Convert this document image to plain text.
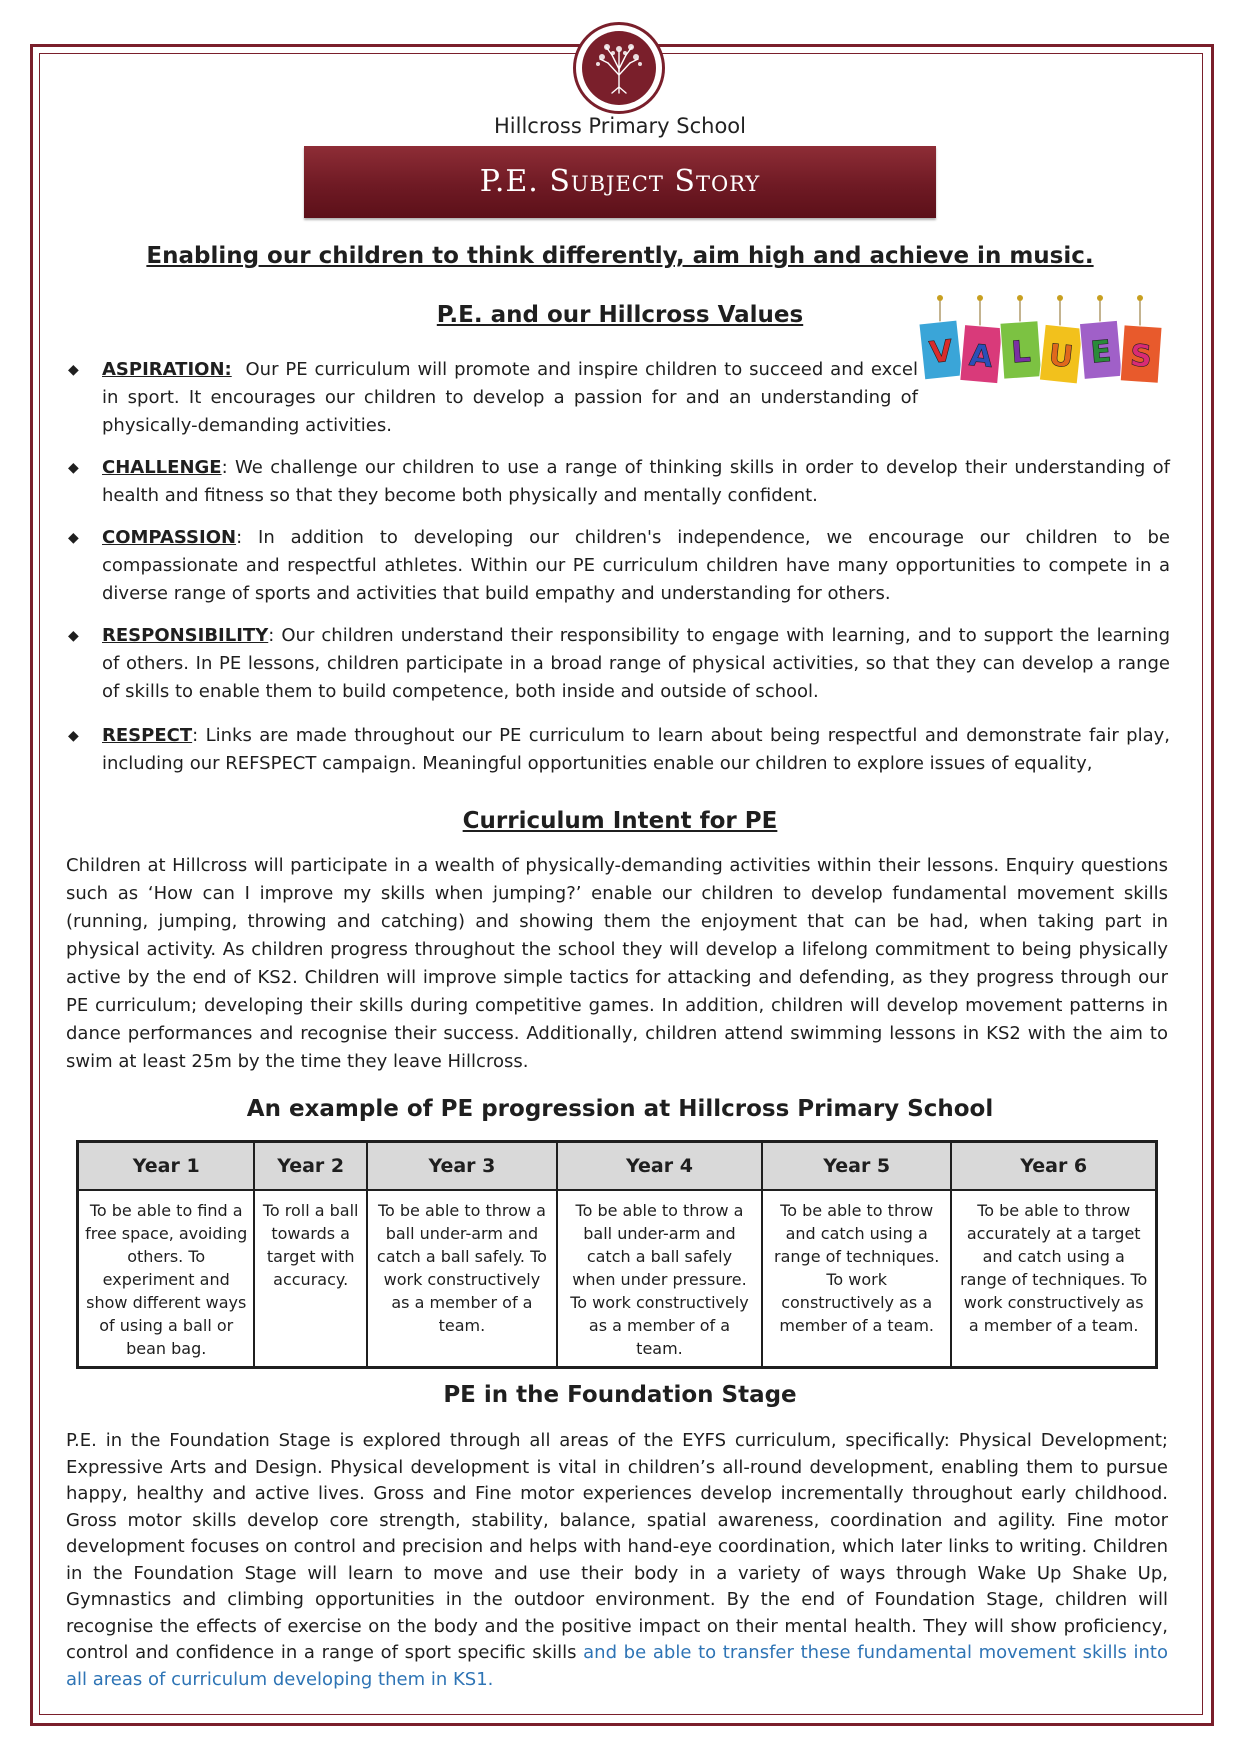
Hillcross Primary School
P.E. Subject Story
Enabling our children to think differently, aim high and achieve in music.
P.E. and our Hillcross Values
V A L U E S
◆ ASPIRATION: Our PE curriculum will promote and inspire children to succeed and excel in sport. It encourages our children to develop a passion for and an understanding of physically-demanding activities.
◆ CHALLENGE: We challenge our children to use a range of thinking skills in order to develop their understanding of health and fitness so that they become both physically and mentally confident.
◆ COMPASSION: In addition to developing our children's independence, we encourage our children to be compassionate and respectful athletes. Within our PE curriculum children have many opportunities to compete in a diverse range of sports and activities that build empathy and understanding for others.
◆ RESPONSIBILITY: Our children understand their responsibility to engage with learning, and to support the learning of others. In PE lessons, children participate in a broad range of physical activities, so that they can develop a range of skills to enable them to build competence, both inside and outside of school.
◆ RESPECT: Links are made throughout our PE curriculum to learn about being respectful and demonstrate fair play, including our REFSPECT campaign. Meaningful opportunities enable our children to explore issues of equality,
Curriculum Intent for PE
Children at Hillcross will participate in a wealth of physically-demanding activities within their lessons. Enquiry questions such as ‘How can I improve my skills when jumping?’ enable our children to develop fundamental movement skills (running, jumping, throwing and catching) and showing them the enjoyment that can be had, when taking part in physical activity. As children progress throughout the school they will develop a lifelong commitment to being physically active by the end of KS2. Children will improve simple tactics for attacking and defending, as they progress through our PE curriculum; developing their skills during competitive games. In addition, children will develop movement patterns in dance performances and recognise their success. Additionally, children attend swimming lessons in KS2 with the aim to swim at least 25m by the time they leave Hillcross.
An example of PE progression at Hillcross Primary School
Year 1	Year 2	Year 3	Year 4	Year 5	Year 6
To be able to find a free space, avoiding others. To experiment and show different ways of using a ball or bean bag.	To roll a ball towards a target with accuracy.	To be able to throw a ball under-arm and catch a ball safely. To work constructively as a member of a team.	To be able to throw a ball under-arm and catch a ball safely when under pressure. To work constructively as a member of a team.	To be able to throw and catch using a range of techniques. To work constructively as a member of a team.	To be able to throw accurately at a target and catch using a range of techniques. To work constructively as a member of a team.
PE in the Foundation Stage
P.E. in the Foundation Stage is explored through all areas of the EYFS curriculum, specifically: Physical Development; Expressive Arts and Design. Physical development is vital in children’s all-round development, enabling them to pursue happy, healthy and active lives. Gross and Fine motor experiences develop incrementally throughout early childhood. Gross motor skills develop core strength, stability, balance, spatial awareness, coordination and agility. Fine motor development focuses on control and precision and helps with hand-eye coordination, which later links to writing. Children in the Foundation Stage will learn to move and use their body in a variety of ways through Wake Up Shake Up, Gymnastics and climbing opportunities in the outdoor environment. By the end of Foundation Stage, children will recognise the effects of exercise on the body and the positive impact on their mental health. They will show proficiency, control and confidence in a range of sport specific skills and be able to transfer these fundamental movement skills into all areas of curriculum developing them in KS1.
